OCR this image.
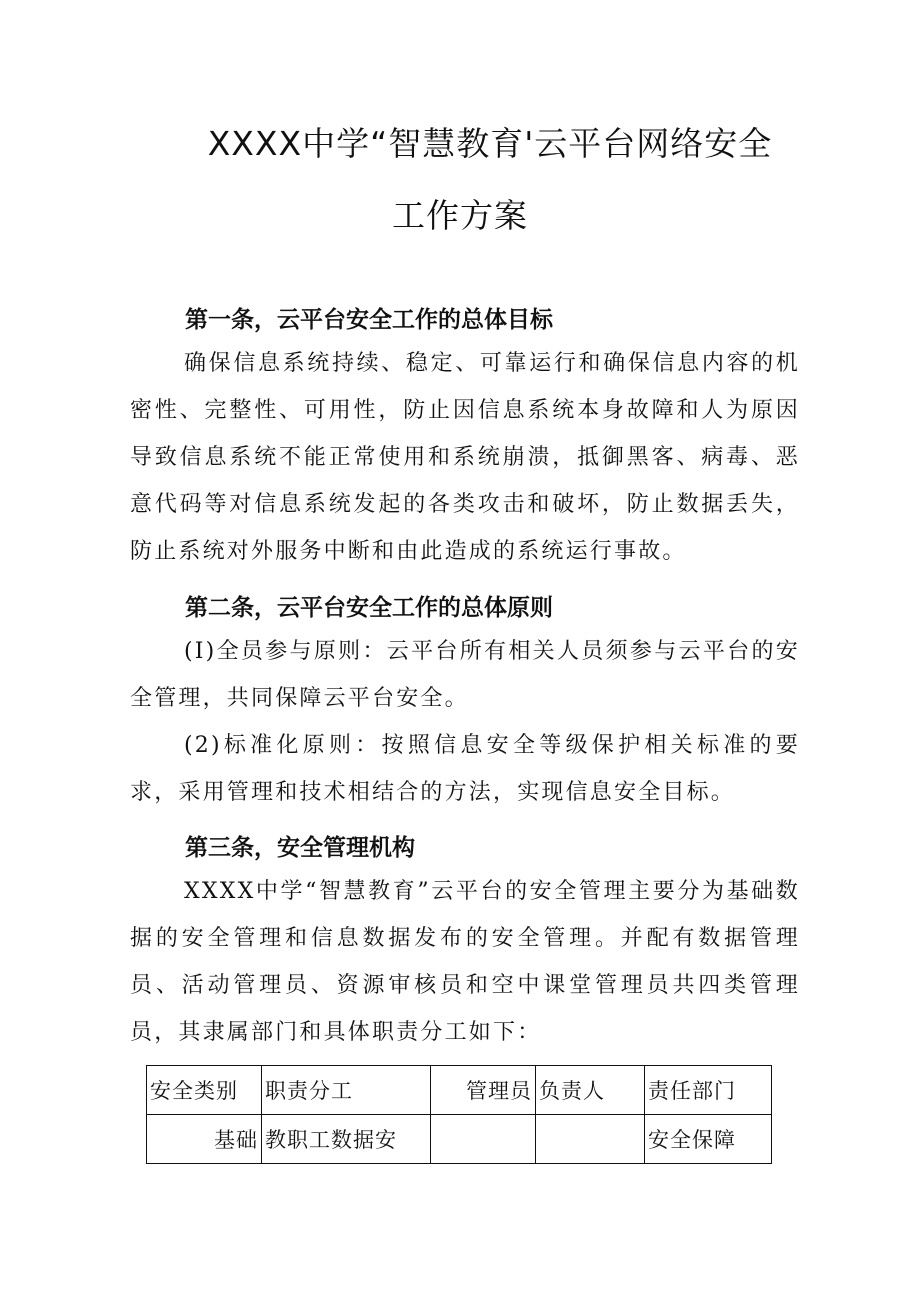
XXXX中学“智慧教育'云平台网络安全
工作方案
第一条，云平台安全工作的总体目标

确保信息系统持续、稳定、可靠运行和确保信息内容的机密性、完整性、可用性，防止因信息系统本身故障和人为原因导致信息系统不能正常使用和系统崩溃，抵御黑客、病毒、恶意代码等对信息系统发起的各类攻击和破坏，防止数据丢失，防止系统对外服务中断和由此造成的系统运行事故。

第二条，云平台安全工作的总体原则

(I)全员参与原则：云平台所有相关人员须参与云平台的安全管理，共同保障云平台安全。

(2)标准化原则：按照信息安全等级保护相关标准的要求，采用管理和技术相结合的方法，实现信息安全目标。

第三条，安全管理机构

XXXX中学“智慧教育”云平台的安全管理主要分为基础数据的安全管理和信息数据发布的安全管理。并配有数据管理员、活动管理员、资源审核员和空中课堂管理员共四类管理员，其隶属部门和具体职责分工如下：

安全类别	职责分工	管理员	负责人	责任部门
基础	教职工数据安			安全保障
